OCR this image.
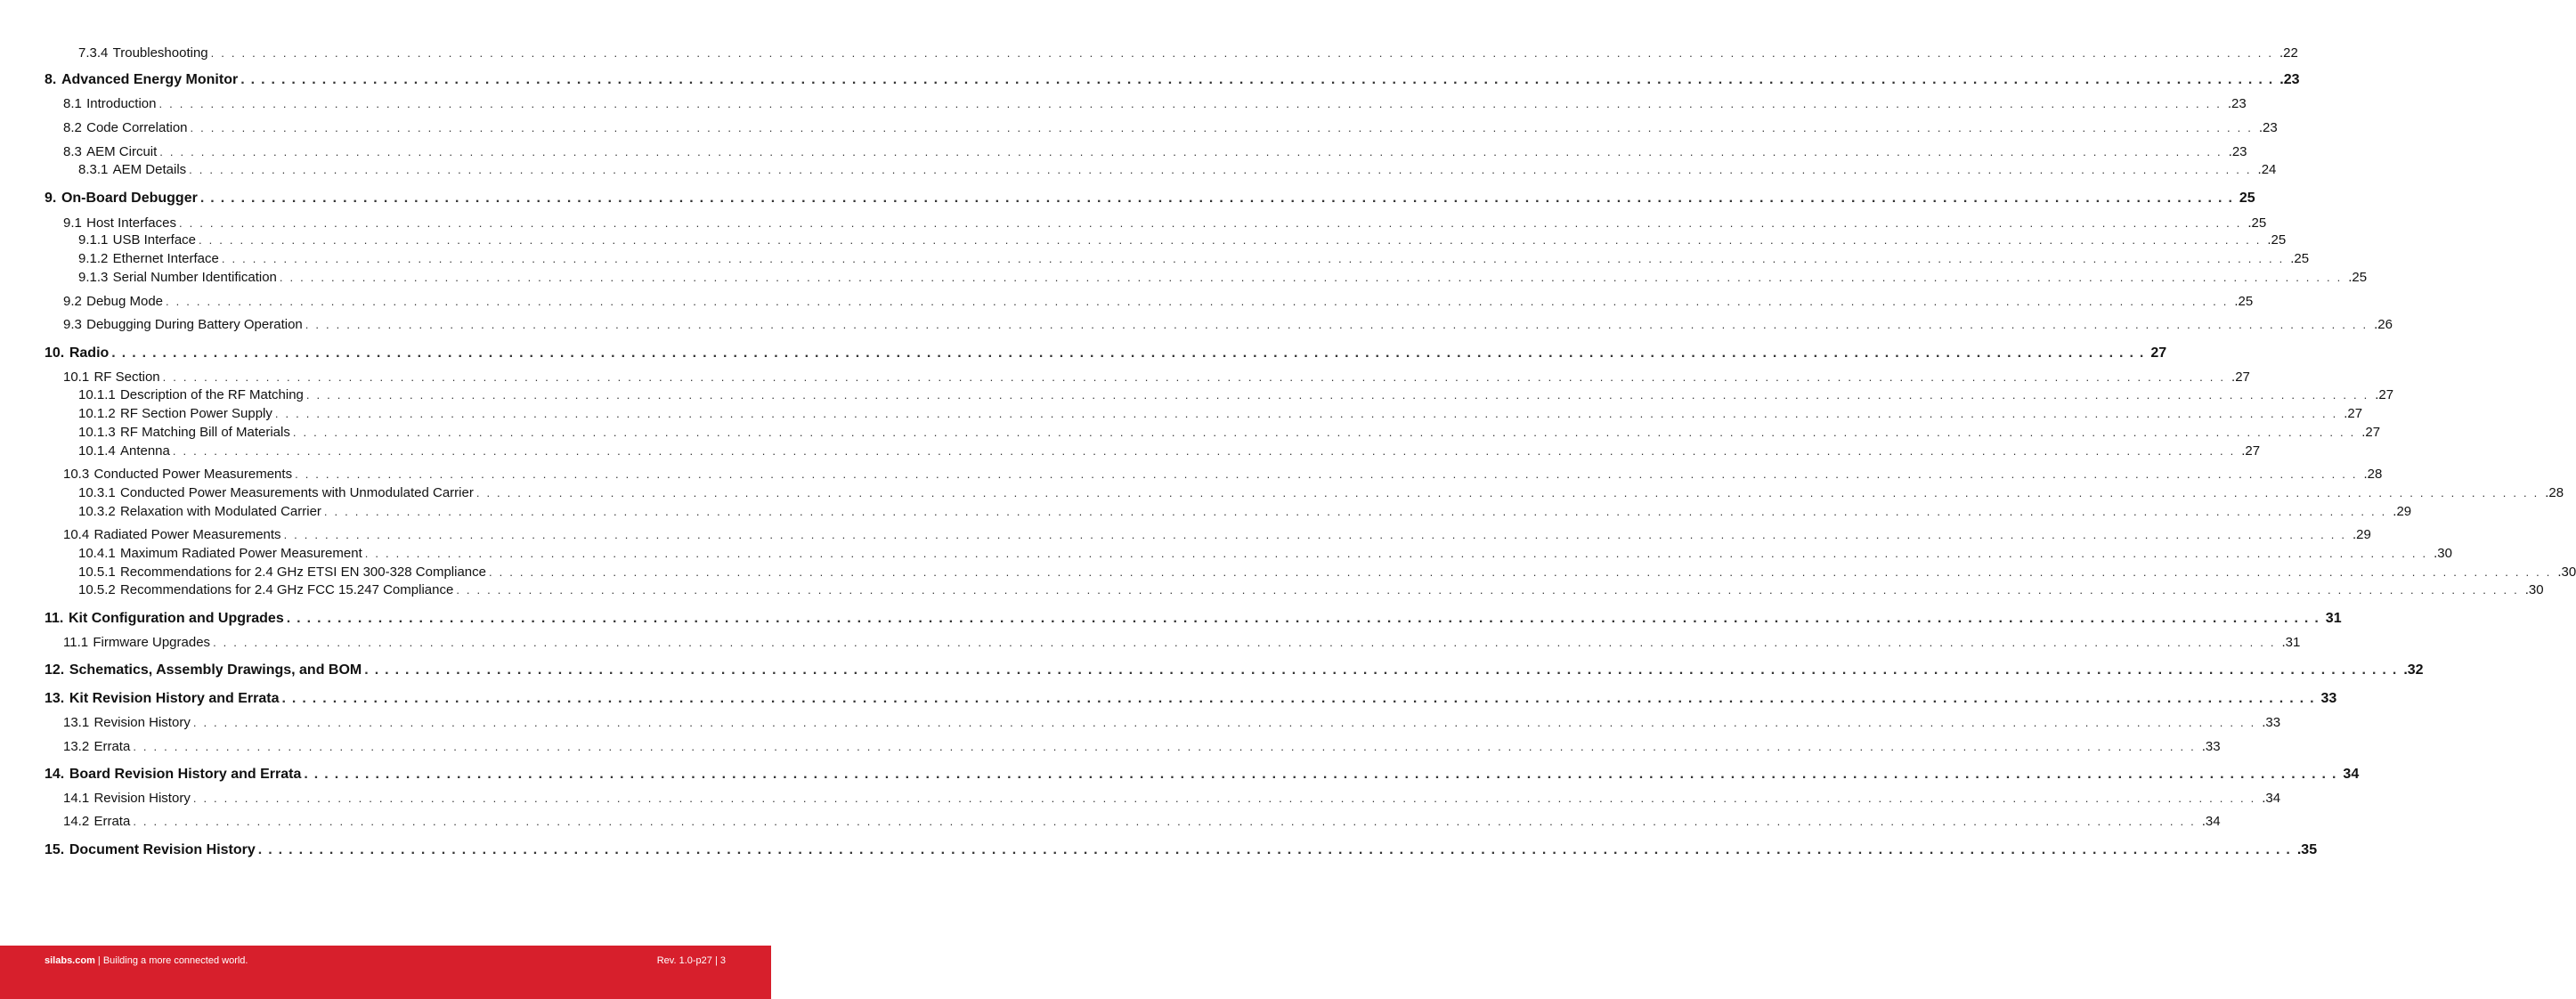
7.3.4 Troubleshooting ........................................................................................................................................................................................................ .22
8. Advanced Energy Monitor ........................................................................................................................................................................................................ .23
8.1 Introduction ........................................................................................................................................................................................................ .23
8.2 Code Correlation ........................................................................................................................................................................................................ .23
8.3 AEM Circuit ........................................................................................................................................................................................................ .23
8.3.1 AEM Details ........................................................................................................................................................................................................ .24
9. On-Board Debugger ........................................................................................................................................................................................................ 25
9.1 Host Interfaces ........................................................................................................................................................................................................ .25
9.1.1 USB Interface ........................................................................................................................................................................................................ .25
9.1.2 Ethernet Interface ........................................................................................................................................................................................................ .25
9.1.3 Serial Number Identification ........................................................................................................................................................................................................ .25
9.2 Debug Mode ........................................................................................................................................................................................................ .25
9.3 Debugging During Battery Operation ........................................................................................................................................................................................................ .26
10. Radio ........................................................................................................................................................................................................ 27
10.1 RF Section ........................................................................................................................................................................................................ .27
10.1.1 Description of the RF Matching ........................................................................................................................................................................................................ .27
10.1.2 RF Section Power Supply ........................................................................................................................................................................................................ .27
10.1.3 RF Matching Bill of Materials ........................................................................................................................................................................................................ .27
10.1.4 Antenna ........................................................................................................................................................................................................ .27
10.3 Conducted Power Measurements ........................................................................................................................................................................................................ .28
10.3.1 Conducted Power Measurements with Unmodulated Carrier ........................................................................................................................................................................................................ .28
10.3.2 Relaxation with Modulated Carrier ........................................................................................................................................................................................................ .29
10.4 Radiated Power Measurements ........................................................................................................................................................................................................ .29
10.4.1 Maximum Radiated Power Measurement ........................................................................................................................................................................................................ .30
10.5.1 Recommendations for 2.4 GHz ETSI EN 300-328 Compliance ........................................................................................................................................................................................................ .30
10.5.2 Recommendations for 2.4 GHz FCC 15.247 Compliance ........................................................................................................................................................................................................ .30
11. Kit Configuration and Upgrades ........................................................................................................................................................................................................ 31
11.1 Firmware Upgrades ........................................................................................................................................................................................................ .31
12. Schematics, Assembly Drawings, and BOM ........................................................................................................................................................................................................ .32
13. Kit Revision History and Errata ........................................................................................................................................................................................................ 33
13.1 Revision History ........................................................................................................................................................................................................ .33
13.2 Errata ........................................................................................................................................................................................................ .33
14. Board Revision History and Errata ........................................................................................................................................................................................................ 34
14.1 Revision History ........................................................................................................................................................................................................ .34
14.2 Errata ........................................................................................................................................................................................................ .34
15. Document Revision History ........................................................................................................................................................................................................ .35
silabs.com | Building a more connected world.	Rev. 1.0-p27 | 3
